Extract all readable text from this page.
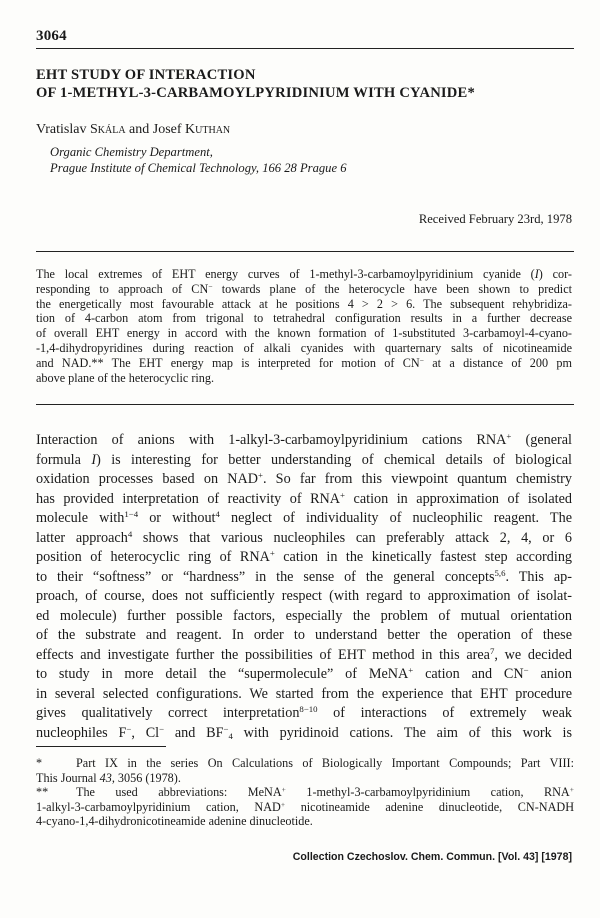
3064
EHT STUDY OF INTERACTION
OF 1-METHYL-3-CARBAMOYLPYRIDINIUM WITH CYANIDE*
Vratislav Skála and Josef Kuthan
Organic Chemistry Department,
Prague Institute of Chemical Technology, 166 28 Prague 6
Received February 23rd, 1978
The local extremes of EHT energy curves of 1-methyl-3-carbamoylpyridinium cyanide (I) cor-
responding to approach of CN− towards plane of the heterocycle have been shown to predict
the energetically most favourable attack at he positions 4 > 2 > 6. The subsequent rehybridiza-
tion of 4-carbon atom from trigonal to tetrahedral configuration results in a further decrease
of overall EHT energy in accord with the known formation of 1-substituted 3-carbamoyl-4-cyano-
-1,4-dihydropyridines during reaction of alkali cyanides with quarternary salts of nicotineamide
and NAD.** The EHT energy map is interpreted for motion of CN− at a distance of 200 pm
above plane of the heterocyclic ring.
Interaction of anions with 1-alkyl-3-carbamoylpyridinium cations RNA+ (general
formula I) is interesting for better understanding of chemical details of biological
oxidation processes based on NAD+. So far from this viewpoint quantum chemistry
has provided interpretation of reactivity of RNA+ cation in approximation of isolated
molecule with$^{1-4}$ or without$^4$ neglect of individuality of nucleophilic reagent. The
latter approach$^4$ shows that various nucleophiles can preferably attack 2, 4, or 6
position of heterocyclic ring of RNA+ cation in the kinetically fastest step according
to their “softness” or “hardness” in the sense of the general concepts$^{5,6}$. This ap-
proach, of course, does not sufficiently respect (with regard to approximation of isolat-
ed molecule) further possible factors, especially the problem of mutual orientation
of the substrate and reagent. In order to understand better the operation of these
effects and investigate further the possibilities of EHT method in this area$^7$, we decided
to study in more detail the “supermolecule” of MeNA+ cation and CN− anion
in several selected configurations. We started from the experience that EHT procedure
gives qualitatively correct interpretation$^{8-10}$ of interactions of extremely weak
nucleophiles F−, Cl− and $BF^-_4$ with pyridinoid cations. The aim of this work is
*	Part IX in the series On Calculations of Biologically Important Compounds; Part VIII:
This Journal 43, 3056 (1978).
**	The used abbreviations: MeNA+ 1-methyl-3-carbamoylpyridinium cation, RNA+
1-alkyl-3-carbamoylpyridinium cation, NAD+ nicotineamide adenine dinucleotide, CN-NADH
4-cyano-1,4-dihydronicotineamide adenine dinucleotide.
Collection Czechoslov. Chem. Commun. [Vol. 43] [1978]
